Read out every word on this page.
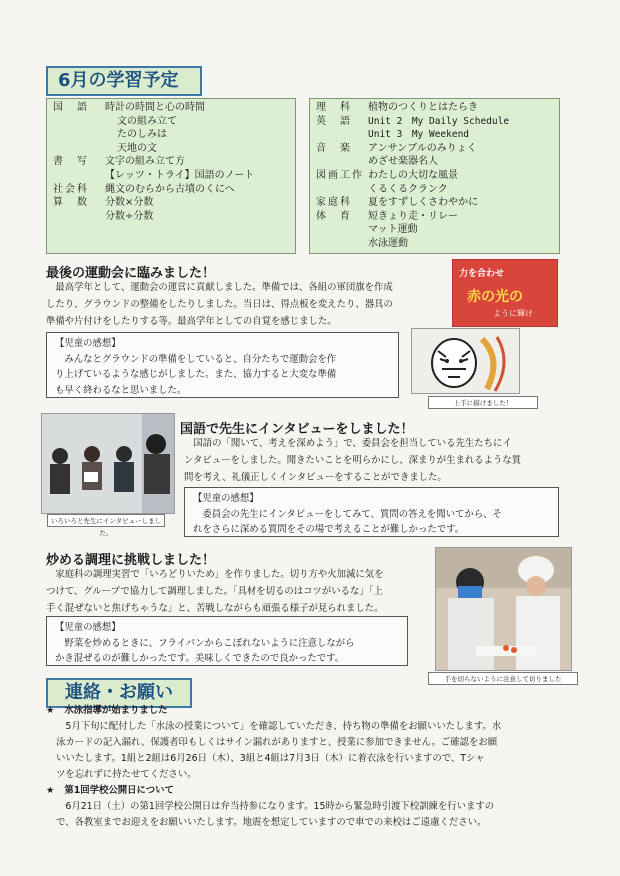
6月の学習予定
国　語	時計の時間と心の時間
文の組み立て
たのしみは
天地の文
書　写	文字の組み立て方
【レッツ・トライ】国語のノート
社会科	縄文のむらから古墳のくにへ
算　数	分数×分数
分数÷分数
理　科	植物のつくりとはたらき
英　語	Unit 2　My Daily Schedule
Unit 3　My Weekend
音　楽	アンサンブルのみりょく
めざせ楽器名人
図画工作 わたしの大切な風景
くるくるクランク
家庭科	夏をすずしくさわやかに
体　育	短きょり走・リレー
マット運動
水泳運動
最後の運動会に臨みました！
　最高学年として、運動会の運営に貢献しました。準備では、各組の軍団旗を作成
したり、グラウンドの整備をしたりしました。当日は、得点板を変えたり、器具の
準備や片付けをしたりする等。最高学年としての自覚を感じました。
【児童の感想】
　みんなとグラウンドの準備をしていると、自分たちで運動会を作
り上げているような感じがしました。また、協力すると大変な準備
も早く終わるなと思いました。
力を合わせ
赤の光の
ように輝け
上手に描けました！
いろいろと先生にインタビューしました。
国語で先生にインタビューをしました！
　国語の「聞いて、考えを深めよう」で、委員会を担当している先生たちにイ
ンタビューをしました。聞きたいことを明らかにし、深まりが生まれるような質
問を考え、礼儀正しくインタビューをすることができました。
【児童の感想】
　委員会の先生にインタビューをしてみて、質問の答えを聞いてから、そ
れをさらに深める質問をその場で考えることが難しかったです。
炒める調理に挑戦しました！
　家庭科の調理実習で「いろどりいため」を作りました。切り方や火加減に気を
つけて、グループで協力して調理しました。「具材を切るのはコツがいるな」「上
手く混ぜないと焦げちゃうな」と、苦戦しながらも頑張る様子が見られました。
【児童の感想】
　野菜を炒めるときに、フライパンからこぼれないように注意しながら
かき混ぜるのが難しかったです。美味しくできたので良かったです。
手を切らないように注意して切りました
連絡・お願い
★ 水泳指導が始まりました
　5月下旬に配付した「水泳の授業について」を確認していただき、持ち物の準備をお願いいたします。水
泳カードの記入漏れ、保護者印もしくはサイン漏れがありますと、授業に参加できません。ご確認をお願
いいたします。1組と2組は6月26日（木）、3組と4組は7月3日（木）に着衣泳を行いますので、Tシャ
ツを忘れずに持たせてください。
★ 第1回学校公開日について
　6月21日（土）の第1回学校公開日は弁当持参になります。15時から緊急時引渡下校訓練を行いますの
で、各教室までお迎えをお願いいたします。地震を想定していますので車での来校はご遠慮ください。
